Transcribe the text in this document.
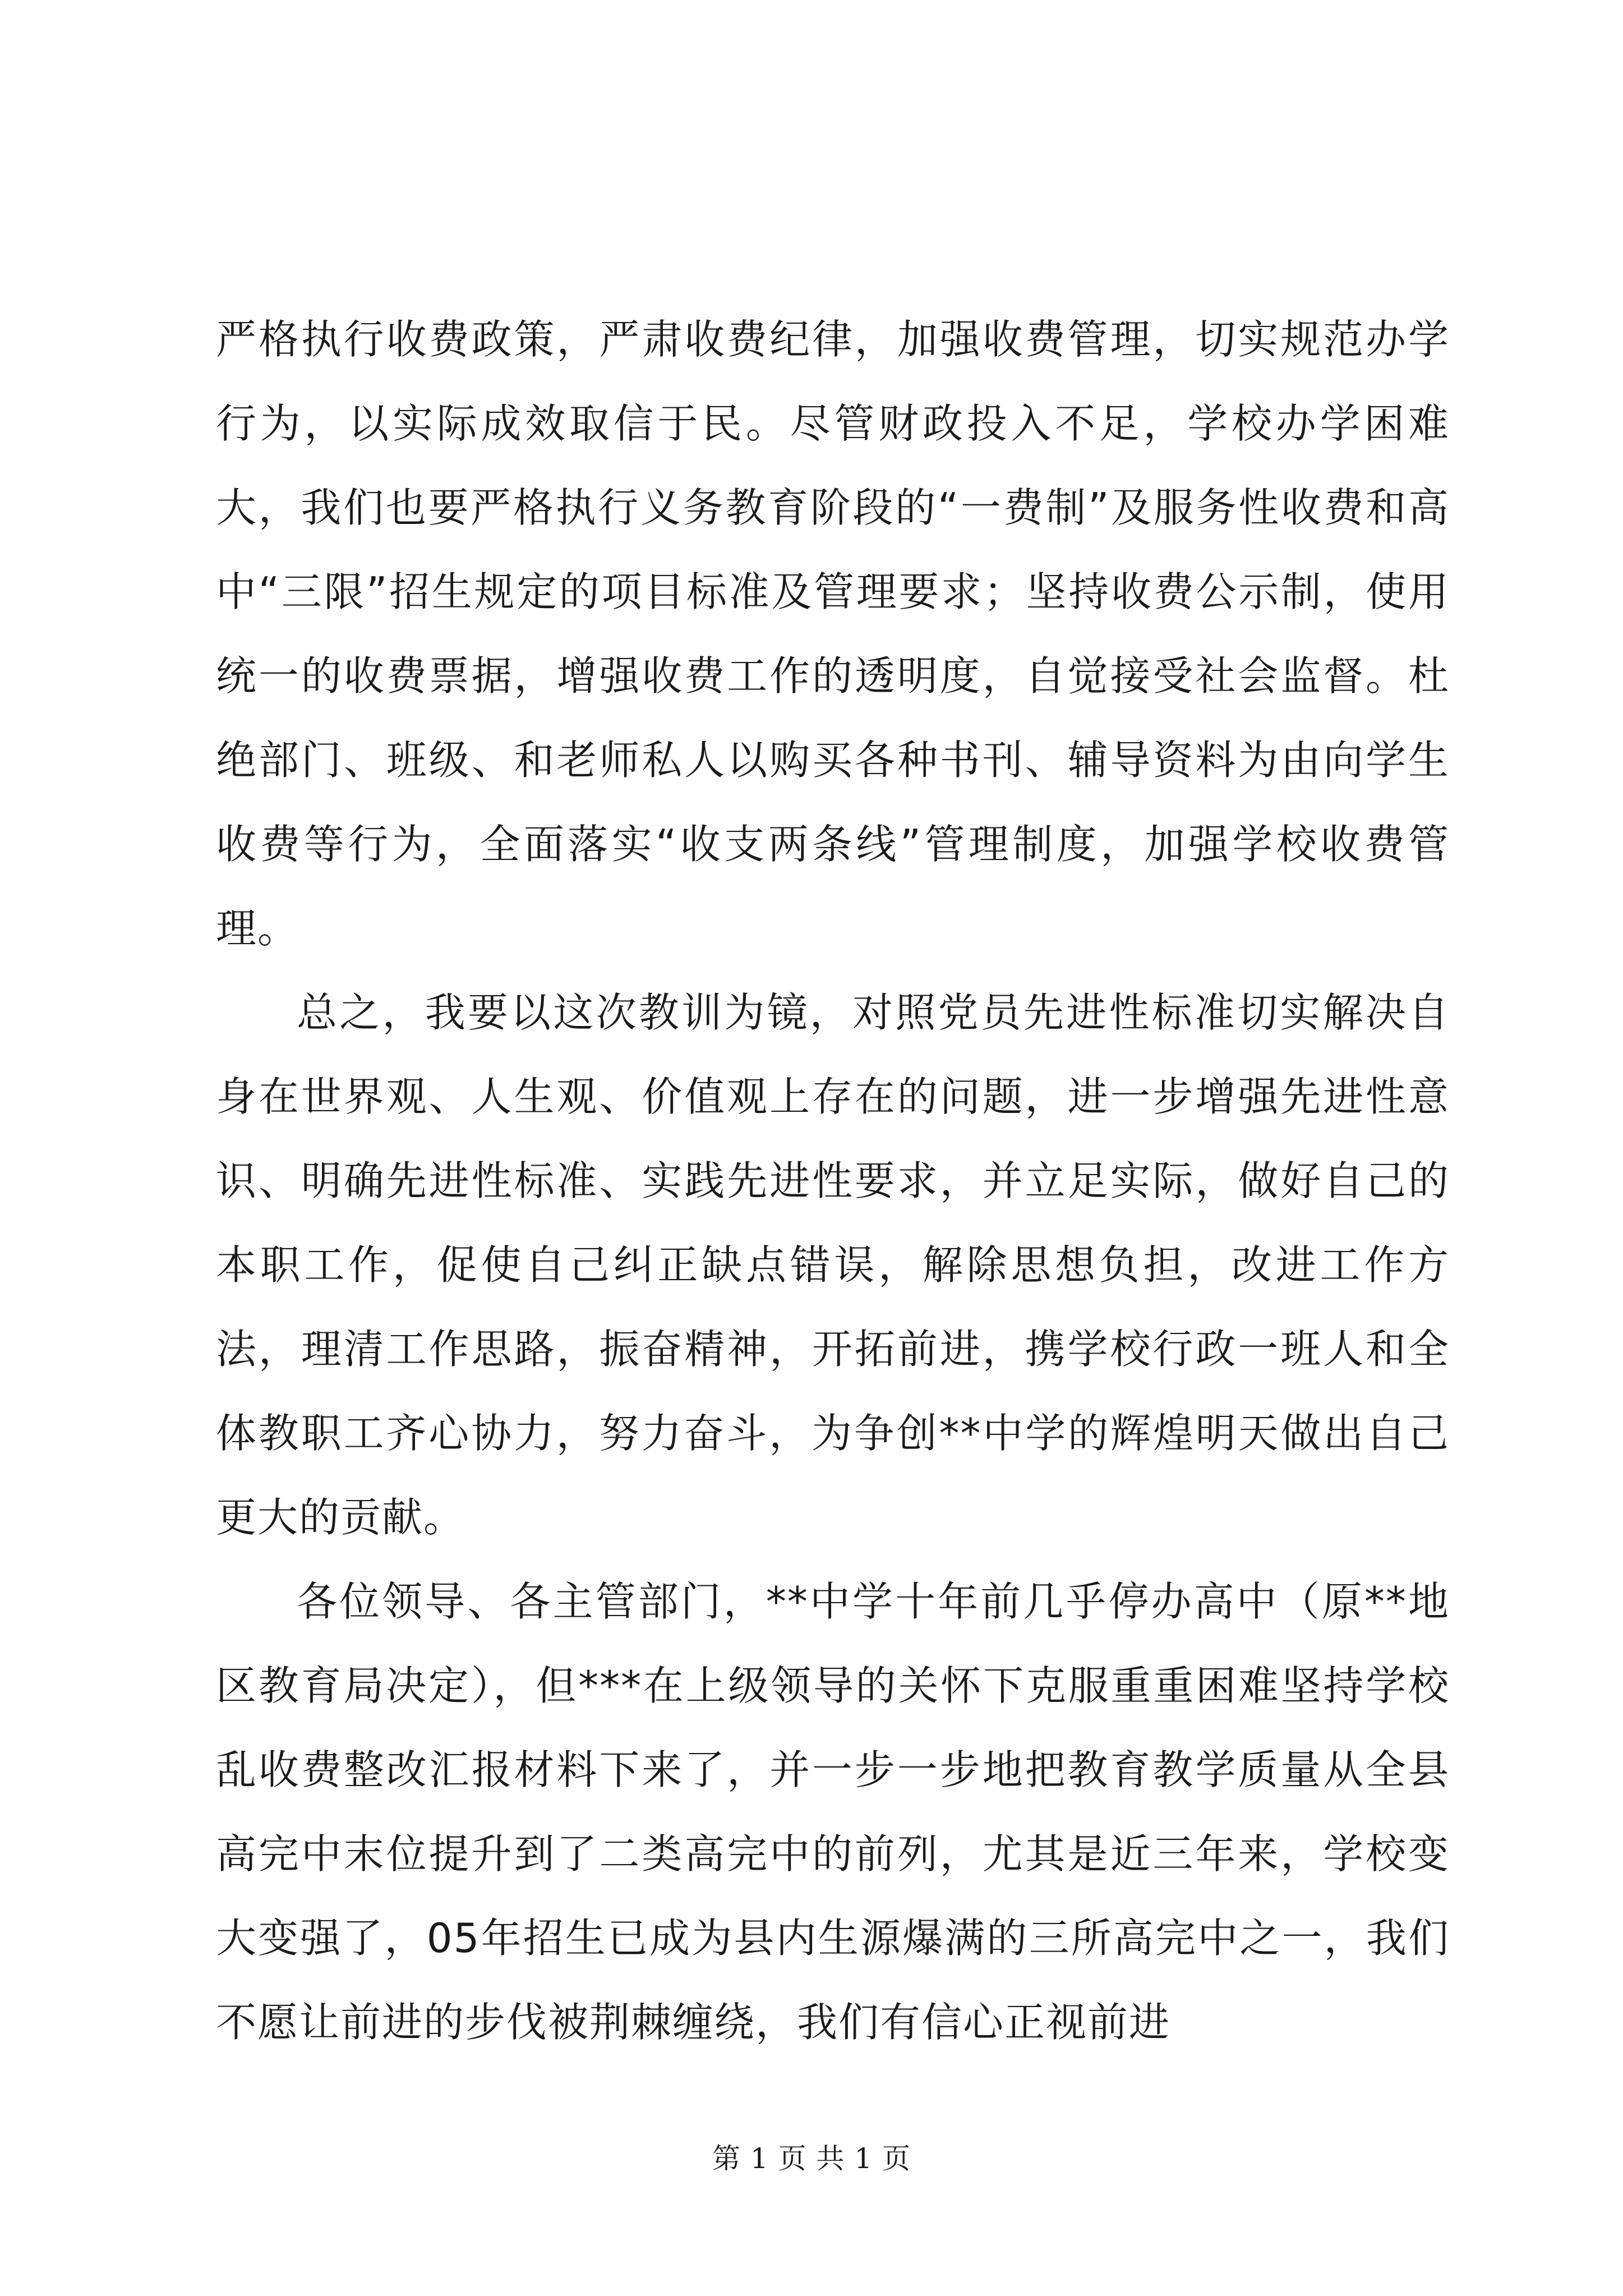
严格执行收费政策，严肃收费纪律，加强收费管理，切实规范办学行为，以实际成效取信于民。尽管财政投入不足，学校办学困难大，我们也要严格执行义务教育阶段的“一费制”及服务性收费和高中“三限”招生规定的项目标准及管理要求；坚持收费公示制，使用统一的收费票据，增强收费工作的透明度，自觉接受社会监督。杜绝部门、班级、和老师私人以购买各种书刊、辅导资料为由向学生收费等行为，全面落实“收支两条线”管理制度，加强学校收费管理。

总之，我要以这次教训为镜，对照党员先进性标准切实解决自身在世界观、人生观、价值观上存在的问题，进一步增强先进性意识、明确先进性标准、实践先进性要求，并立足实际，做好自己的本职工作，促使自己纠正缺点错误，解除思想负担，改进工作方法，理清工作思路，振奋精神，开拓前进，携学校行政一班人和全体教职工齐心协力，努力奋斗，为争创**中学的辉煌明天做出自己更大的贡献。

各位领导、各主管部门，**中学十年前几乎停办高中（原**地区教育局决定），但***在上级领导的关怀下克服重重困难坚持学校乱收费整改汇报材料下来了，并一步一步地把教育教学质量从全县高完中末位提升到了二类高完中的前列，尤其是近三年来，学校变大变强了，05年招生已成为县内生源爆满的三所高完中之一，我们不愿让前进的步伐被荆棘缠绕，我们有信心正视前进

第 1 页 共 1 页
